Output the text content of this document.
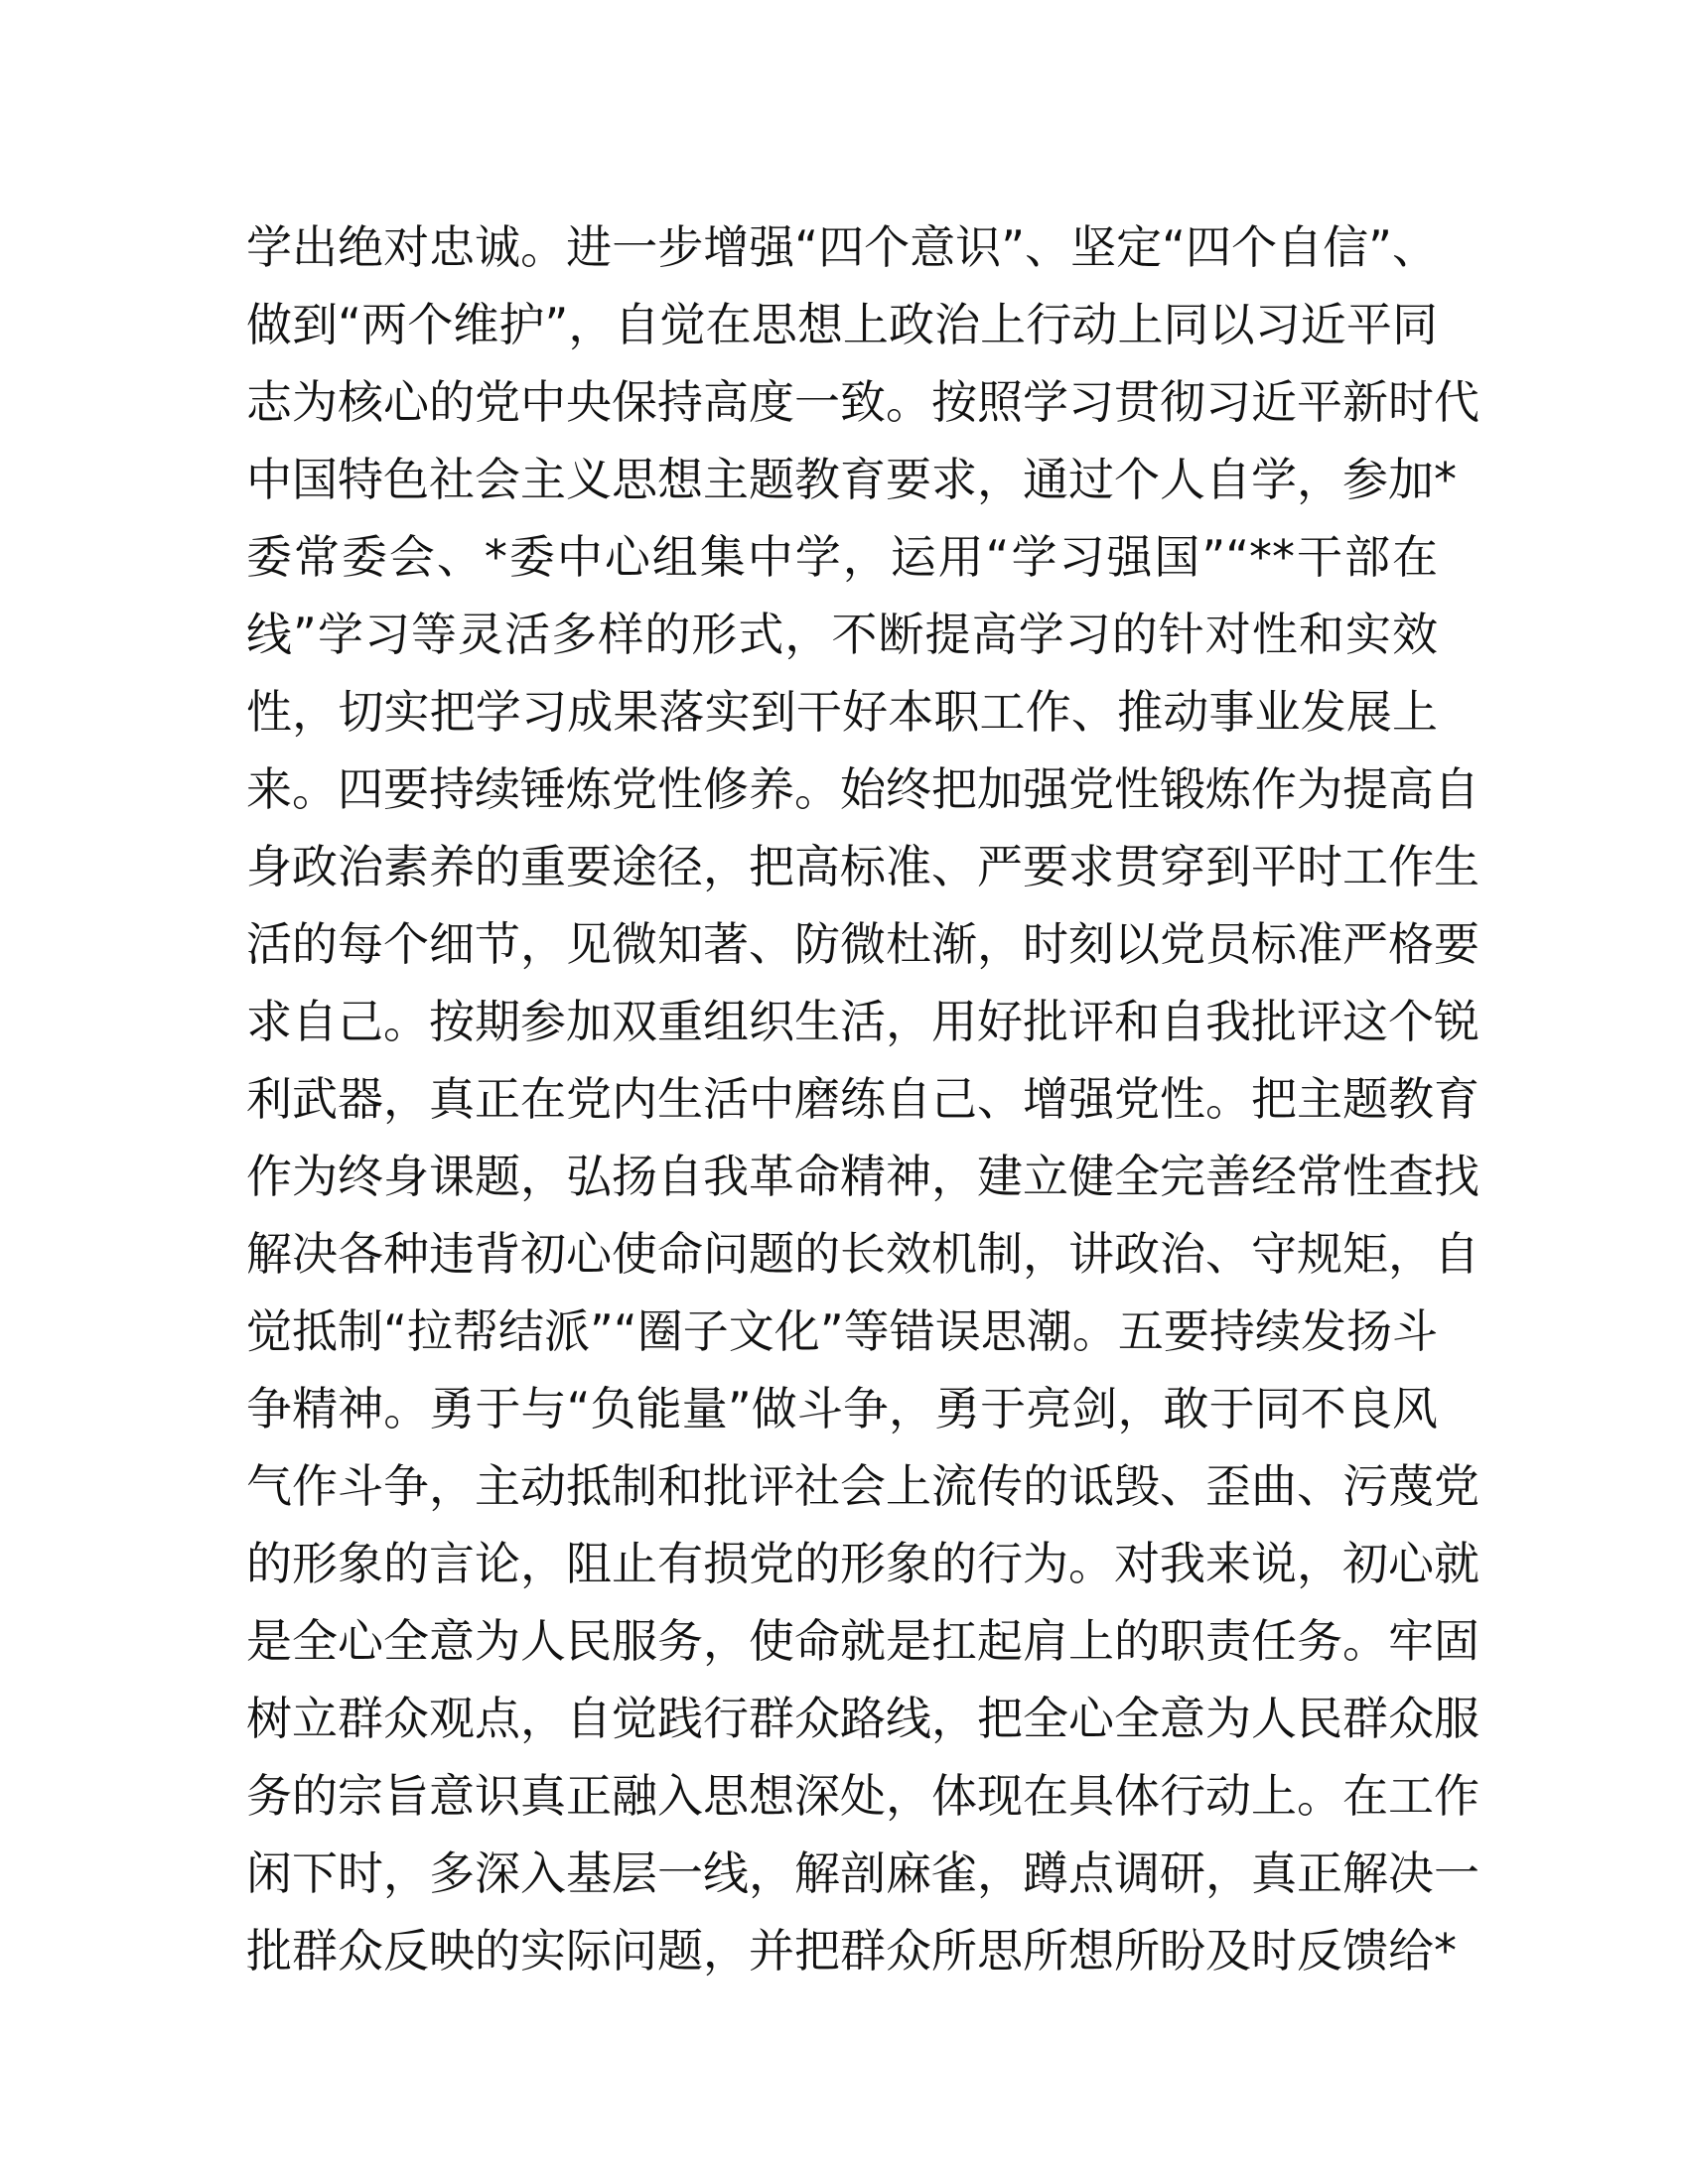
学出绝对忠诚。进一步增强“四个意识”、坚定“四个自信”、
做到“两个维护”，自觉在思想上政治上行动上同以习近平同
志为核心的党中央保持高度一致。按照学习贯彻习近平新时代
中国特色社会主义思想主题教育要求，通过个人自学，参加*
委常委会、*委中心组集中学，运用“学习强国”“**干部在
线”学习等灵活多样的形式，不断提高学习的针对性和实效
性，切实把学习成果落实到干好本职工作、推动事业发展上
来。四要持续锤炼党性修养。始终把加强党性锻炼作为提高自
身政治素养的重要途径，把高标准、严要求贯穿到平时工作生
活的每个细节，见微知著、防微杜渐，时刻以党员标准严格要
求自己。按期参加双重组织生活，用好批评和自我批评这个锐
利武器，真正在党内生活中磨练自己、增强党性。把主题教育
作为终身课题，弘扬自我革命精神，建立健全完善经常性查找
解决各种违背初心使命问题的长效机制，讲政治、守规矩，自
觉抵制“拉帮结派”“圈子文化”等错误思潮。五要持续发扬斗
争精神。勇于与“负能量”做斗争，勇于亮剑，敢于同不良风
气作斗争，主动抵制和批评社会上流传的诋毁、歪曲、污蔑党
的形象的言论，阻止有损党的形象的行为。对我来说，初心就
是全心全意为人民服务，使命就是扛起肩上的职责任务。牢固
树立群众观点，自觉践行群众路线，把全心全意为人民群众服
务的宗旨意识真正融入思想深处，体现在具体行动上。在工作
闲下时，多深入基层一线，解剖麻雀，蹲点调研，真正解决一
批群众反映的实际问题，并把群众所思所想所盼及时反馈给*
